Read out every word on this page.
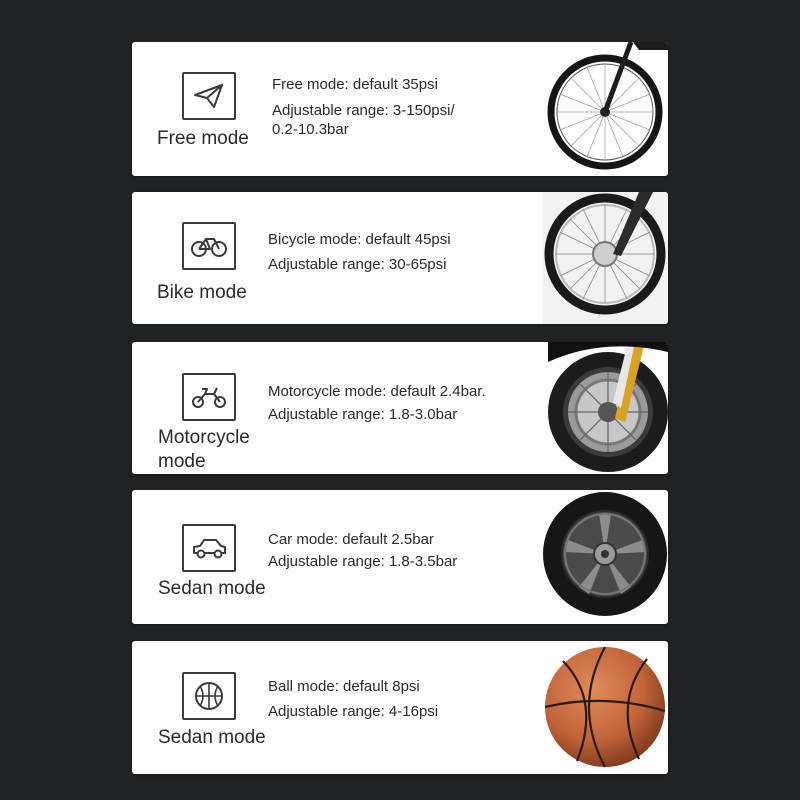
Free mode
Free mode: default 35psi
Adjustable range: 3-150psi/
0.2-10.3bar
Bike mode
Bicycle mode: default 45psi
Adjustable range: 30-65psi
Motorcycle mode
Motorcycle mode: default 2.4bar.
Adjustable range: 1.8-3.0bar
Sedan mode
Car mode: default 2.5bar
Adjustable range: 1.8-3.5bar
Sedan mode
Ball mode: default 8psi
Adjustable range: 4-16psi
